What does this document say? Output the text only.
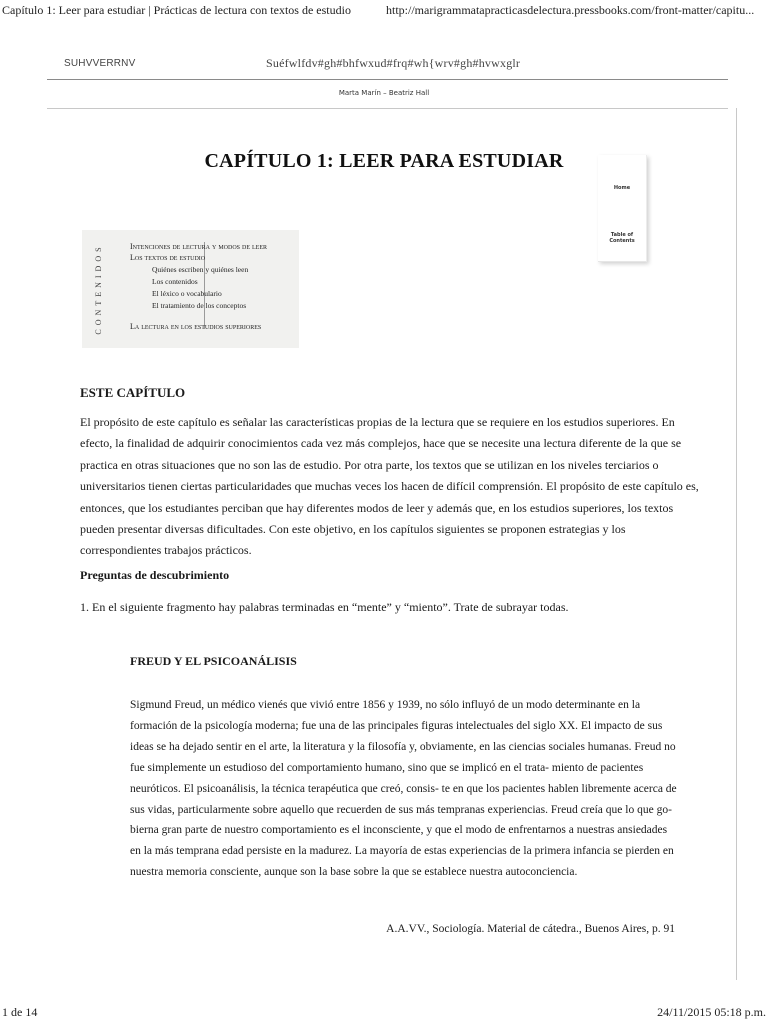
Capítulo 1: Leer para estudiar | Prácticas de lectura con textos de estudio	http://marigrammatapracticasdelectura.pressbooks.com/front-matter/capitu...
SUHVVERRNV	Suéfwlfdv#gh#bhfwxud#frq#wh{wrv#gh#hvwxglr
Marta Marín – Beatriz Hall
CAPÍTULO 1: LEER PARA ESTUDIAR
Home
Table of Contents
CONTENIDOS	Intenciones de lectura y modos de leer
Los textos de estudio
Quiénes escriben y quiénes leen
Los contenidos
El léxico o vocabulario
El tratamiento de los conceptos
La lectura en los estudios superiores
ESTE CAPÍTULO
El propósito de este capítulo es señalar las características propias de la lectura que se requiere en los estudios superiores. En efecto, la finalidad de adquirir conocimientos cada vez más complejos, hace que se necesite una lectura diferente de la que se practica en otras situaciones que no son las de estudio. Por otra parte, los textos que se utilizan en los niveles terciarios o universitarios tienen ciertas particularidades que muchas veces los hacen de difícil comprensión. El propósito de este capítulo es, entonces, que los estudiantes perciban que hay diferentes modos de leer y además que, en los estudios superiores, los textos pueden presentar diversas dificultades. Con este objetivo, en los capítulos siguientes se proponen estrategias y los correspondientes trabajos prácticos.
Preguntas de descubrimiento
1. En el siguiente fragmento hay palabras terminadas en “mente” y “miento”. Trate de subrayar todas.
FREUD Y EL PSICOANÁLISIS
Sigmund Freud, un médico vienés que vivió entre 1856 y 1939, no sólo influyó de un modo determinante en la formación de la psicología moderna; fue una de las principales figuras intelectuales del siglo XX. El impacto de sus ideas se ha dejado sentir en el arte, la literatura y la filosofía y, obviamente, en las ciencias sociales humanas. Freud no fue simplemente un estudioso del comportamiento humano, sino que se implicó en el trata- miento de pacientes neuróticos. El psicoanálisis, la técnica terapéutica que creó, consis- te en que los pacientes hablen libremente acerca de sus vidas, particularmente sobre aquello que recuerden de sus más tempranas experiencias. Freud creía que lo que go- bierna gran parte de nuestro comportamiento es el inconsciente, y que el modo de enfrentarnos a nuestras ansiedades en la más temprana edad persiste en la madurez. La mayoría de estas experiencias de la primera infancia se pierden en nuestra memoria consciente, aunque son la base sobre la que se establece nuestra autoconciencia.
A.A.VV., Sociología. Material de cátedra., Buenos Aires, p. 91
1 de 14	24/11/2015 05:18 p.m.
